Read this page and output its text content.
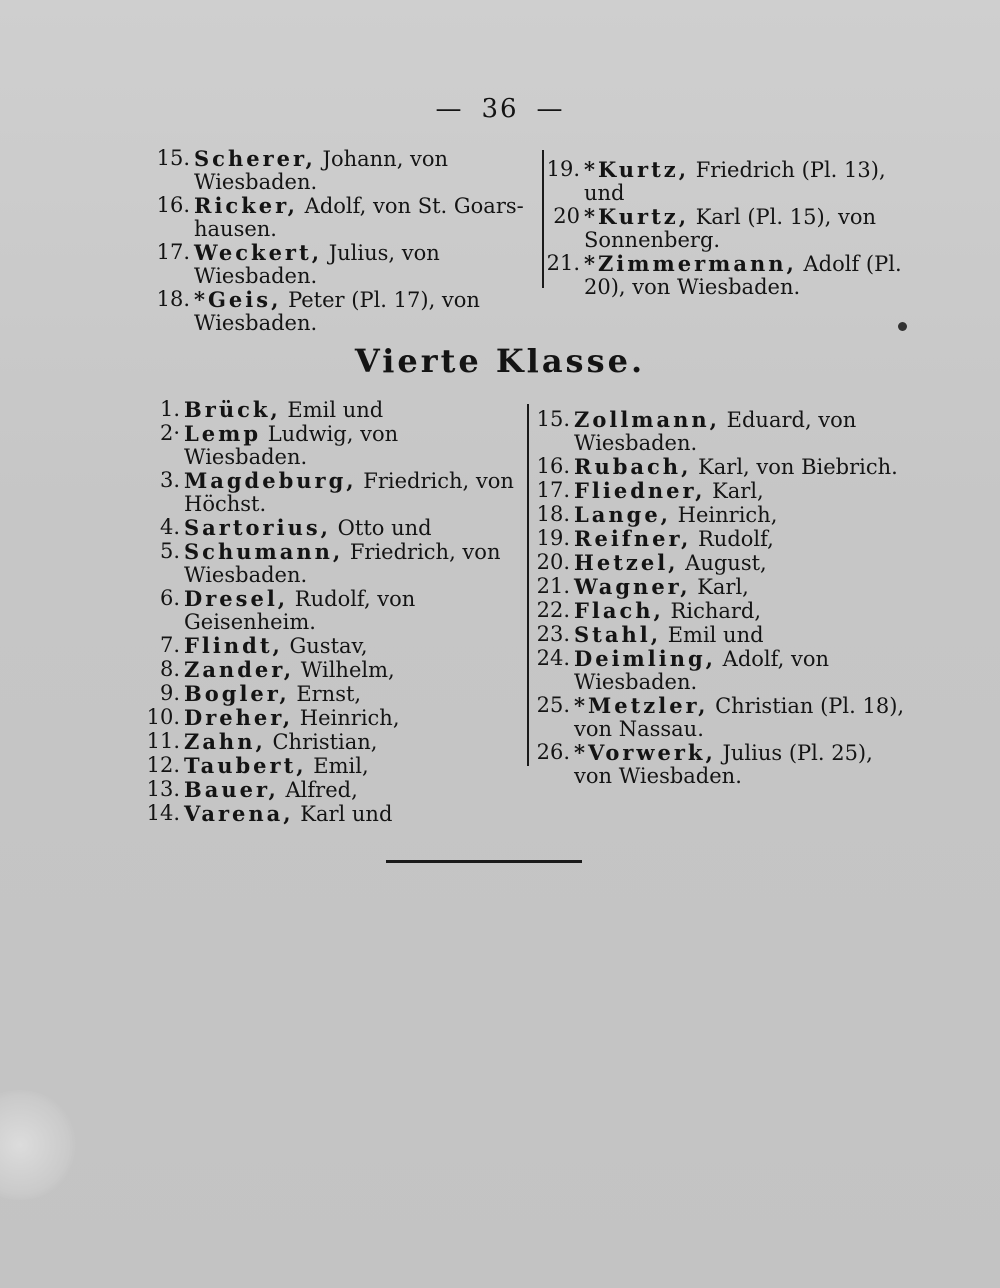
— 36 —
15. Scherer, Johann, von Wiesbaden.
16. Ricker, Adolf, von St. Goars-hausen.
17. Weckert, Julius, von Wiesbaden.
18. *Geis, Peter (Pl. 17), von Wiesbaden.
19. *Kurtz, Friedrich (Pl. 13), und
20 *Kurtz, Karl (Pl. 15), von Sonnenberg.
21. *Zimmermann, Adolf (Pl. 20), von Wiesbaden.
Vierte Klasse.
1. Brück, Emil und
2· Lemp Ludwig, von Wiesbaden.
3. Magdeburg, Friedrich, von Höchst.
4. Sartorius, Otto und
5. Schumann, Friedrich, von Wiesbaden.
6. Dresel, Rudolf, von Geisenheim.
7. Flindt, Gustav,
8. Zander, Wilhelm,
9. Bogler, Ernst,
10. Dreher, Heinrich,
11. Zahn, Christian,
12. Taubert, Emil,
13. Bauer, Alfred,
14. Varena, Karl und
15. Zollmann, Eduard, von Wiesbaden.
16. Rubach, Karl, von Biebrich.
17. Fliedner, Karl,
18. Lange, Heinrich,
19. Reifner, Rudolf,
20. Hetzel, August,
21. Wagner, Karl,
22. Flach, Richard,
23. Stahl, Emil und
24. Deimling, Adolf, von Wiesbaden.
25. *Metzler, Christian (Pl. 18), von Nassau.
26. *Vorwerk, Julius (Pl. 25), von Wiesbaden.
